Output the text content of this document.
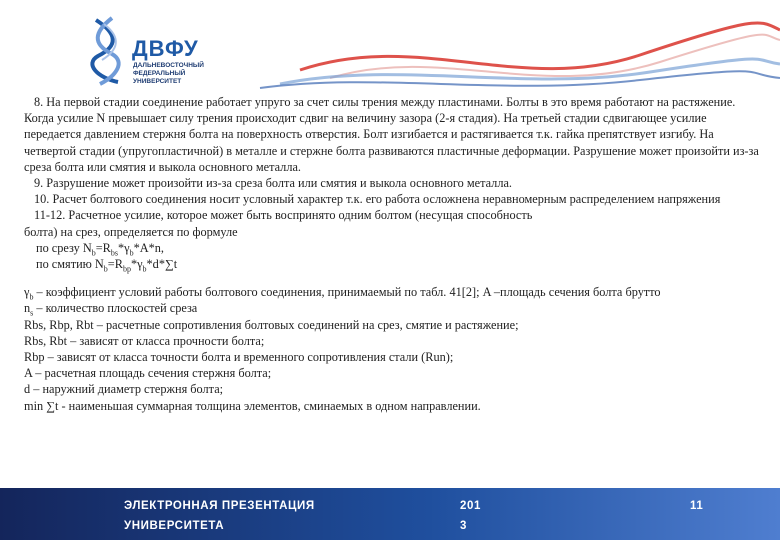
ДВФУ
ДАЛЬНЕВОСТОЧНЫЙ
ФЕДЕРАЛЬНЫЙ
УНИВЕРСИТЕТ

8. На первой стадии соединение работает упруго за счет силы трения между пластинами. Болты в это время работают на растяжение. Когда усилие N превышает силу трения происходит сдвиг на величину зазора (2-я стадия). На третьей стадии сдвигающее усилие передается давлением стержня болта на поверхность отверстия. Болт изгибается и растягивается т.к. гайка препятствует изгибу. На четвертой стадии (упругопластичной) в металле и стержне болта развиваются пластичные деформации. Разрушение может произойти из-за среза болта или смятия и выкола основного металла.

9. Разрушение может произойти из-за среза болта или смятия и выкола основного металла.

10. Расчет болтового соединения носит условный характер т.к. его работа осложнена неравномерным распределением напряжения

11-12. Расчетное усилие, которое может быть воспринято одним болтом (несущая способность

болта) на срез, определяется по формуле

по срезу $N_b=R_{bs}*\gamma_b*A*n$,

по смятию $N_b=R_{bp}*\gamma_b*d*\sum t$

$\gamma_b$ – коэффициент условий работы болтового соединения, принимаемый по табл. 41[2]; A –площадь сечения болта брутто

$n_s$ – количество плоскостей среза

Rbs, Rbp, Rbt – расчетные сопротивления болтовых соединений на срез, смятие и растяжение;

Rbs, Rbt – зависят от класса прочности болта;

Rbp – зависят от класса точности болта и временного сопротивления стали (Run);

A – расчетная площадь сечения стержня болта;

d – наружний диаметр стержня болта;

min ∑t - наименьшая суммарная толщина элементов, сминаемых в одном направлении.

ЭЛЕКТРОННАЯ ПРЕЗЕНТАЦИЯ
УНИВЕРСИТЕТА
201
3
11
